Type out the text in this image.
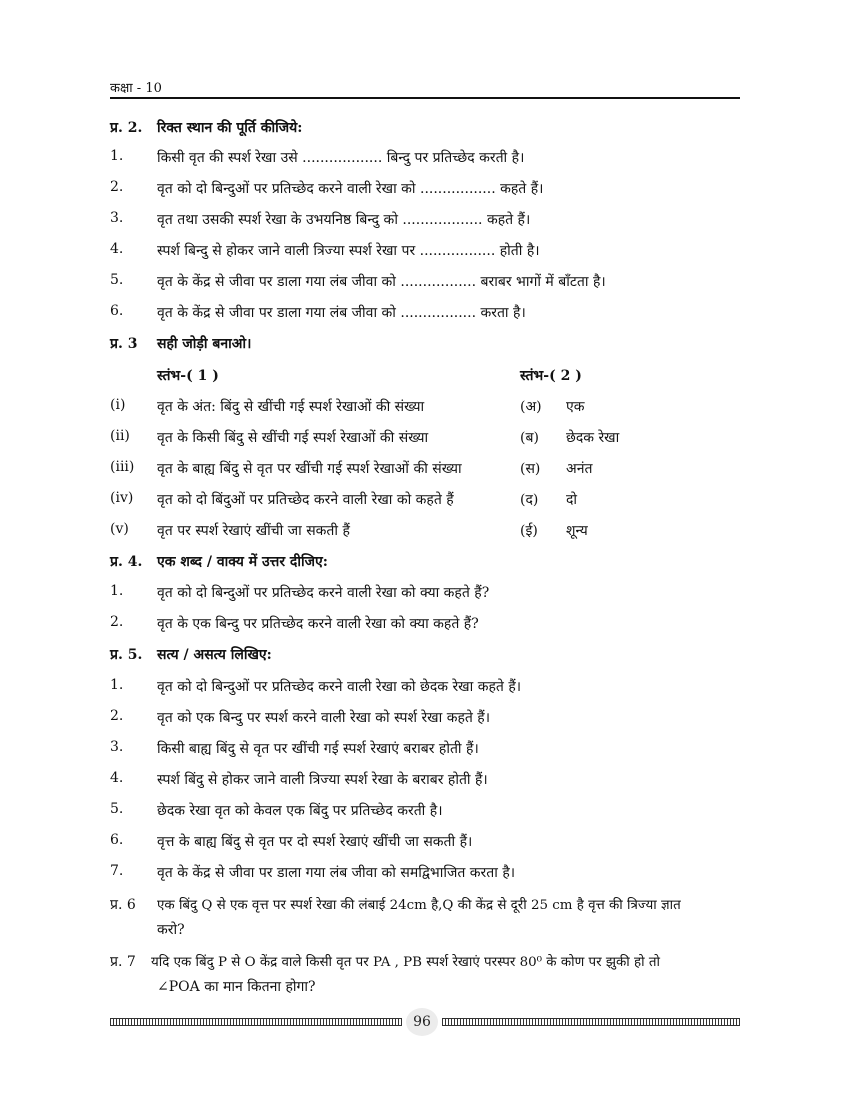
कक्षा - 10
प्र. 2. रिक्त स्थान की पूर्ति कीजिये:
1. किसी वृत की स्पर्श रेखा उसे .................. बिन्दु पर प्रतिच्छेद करती है।
2. वृत को दो बिन्दुओं पर प्रतिच्छेद करने वाली रेखा को ................. कहते हैं।
3. वृत तथा उसकी स्पर्श रेखा के उभयनिष्ठ बिन्दु को .................. कहते हैं।
4. स्पर्श बिन्दु से होकर जाने वाली त्रिज्या स्पर्श रेखा पर ................. होती है।
5. वृत के केंद्र से जीवा पर डाला गया लंब जीवा को ................. बराबर भागों में बाँटता है।
6. वृत के केंद्र से जीवा पर डाला गया लंब जीवा को ................. करता है।
प्र. 3 सही जोड़ी बनाओ।
स्तंभ-( 1 )	स्तंभ-( 2 )
(i) वृत के अंत: बिंदु से खींची गई स्पर्श रेखाओं की संख्या	(अ) एक
(ii) वृत के किसी बिंदु से खींची गई स्पर्श रेखाओं की संख्या	(ब) छेदक रेखा
(iii) वृत के बाह्य बिंदु से वृत पर खींची गई स्पर्श रेखाओं की संख्या	(स) अनंत
(iv) वृत को दो बिंदुओं पर प्रतिच्छेद करने वाली रेखा को कहते हैं	(द) दो
(v) वृत पर स्पर्श रेखाएं खींची जा सकती हैं	(ई) शून्य
प्र. 4. एक शब्द / वाक्य में उत्तर दीजिए:
1. वृत को दो बिन्दुओं पर प्रतिच्छेद करने वाली रेखा को क्या कहते हैं?
2. वृत के एक बिन्दु पर प्रतिच्छेद करने वाली रेखा को क्या कहते हैं?
प्र. 5. सत्य / असत्य लिखिए:
1. वृत को दो बिन्दुओं पर प्रतिच्छेद करने वाली रेखा को छेदक रेखा कहते हैं।
2. वृत को एक बिन्दु पर स्पर्श करने वाली रेखा को स्पर्श रेखा कहते हैं।
3. किसी बाह्य बिंदु से वृत पर खींची गई स्पर्श रेखाएं बराबर होती हैं।
4. स्पर्श बिंदु से होकर जाने वाली त्रिज्या स्पर्श रेखा के बराबर होती हैं।
5. छेदक रेखा वृत को केवल एक बिंदु पर प्रतिच्छेद करती है।
6. वृत्त के बाह्य बिंदु से वृत पर दो स्पर्श रेखाएं खींची जा सकती हैं।
7. वृत के केंद्र से जीवा पर डाला गया लंब जीवा को समद्विभाजित करता है।
प्र. 6 एक बिंदु Q से एक वृत्त पर स्पर्श रेखा की लंबाई 24cm है,Q की केंद्र से दूरी 25 cm है वृत्त की त्रिज्या ज्ञात
करो?
प्र. 7 यदि एक बिंदु P से O केंद्र वाले किसी वृत पर PA , PB स्पर्श रेखाएं परस्पर 80⁰ के कोण पर झुकी हो तो
∠POA का मान कितना होगा?
96
